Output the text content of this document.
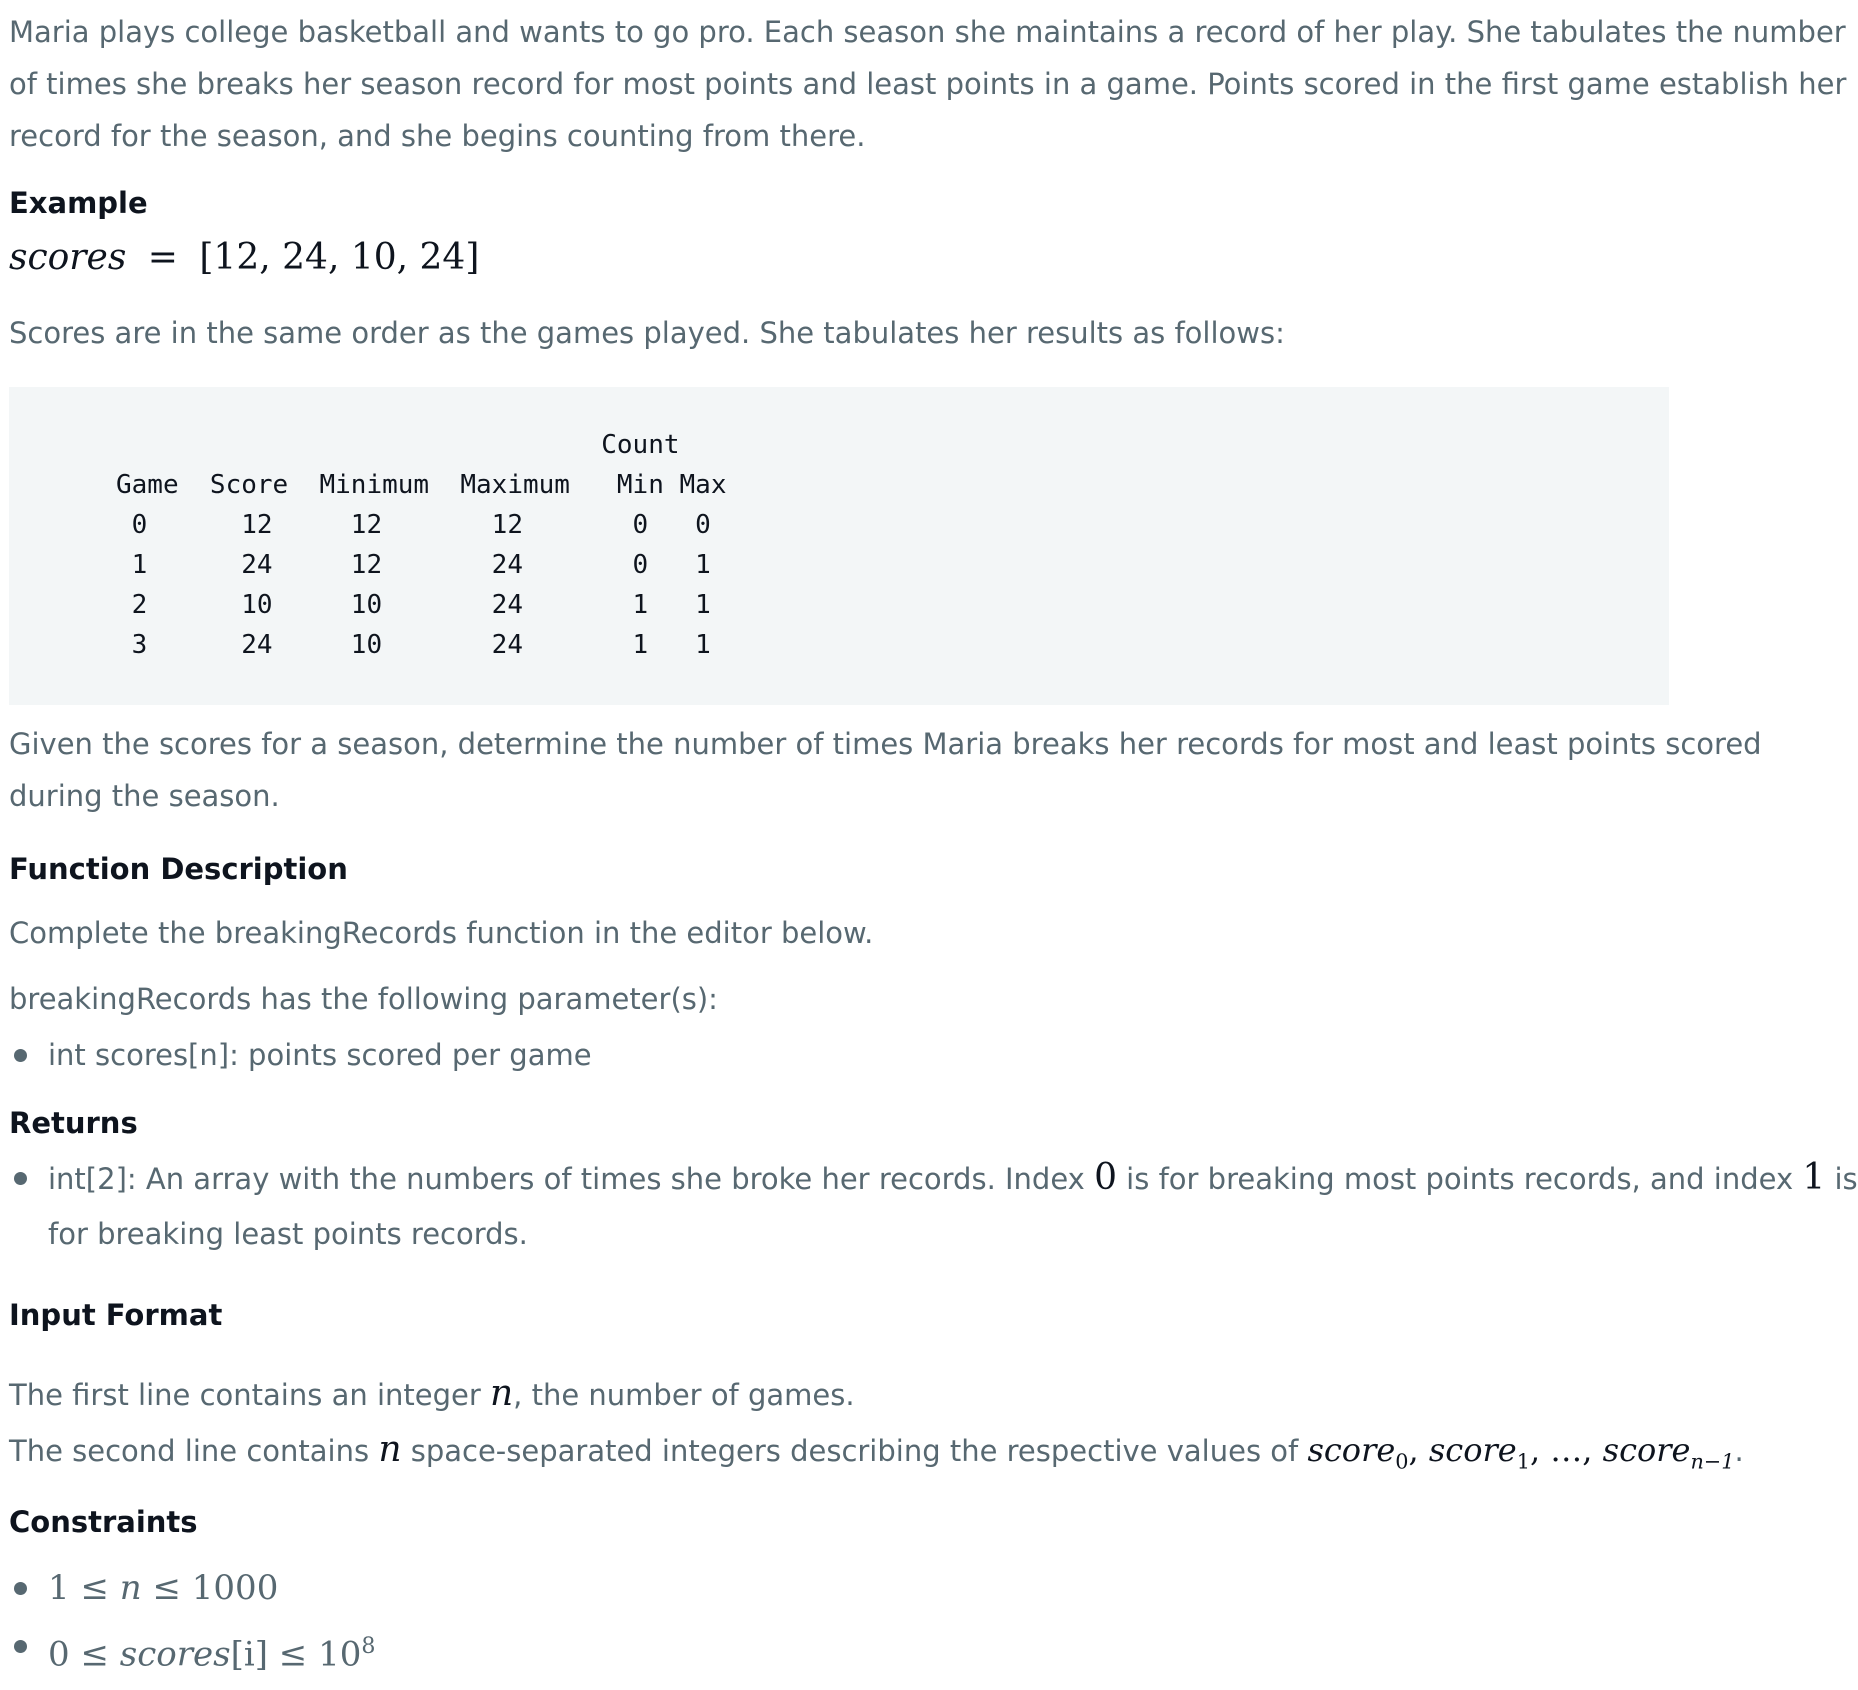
Maria plays college basketball and wants to go pro. Each season she maintains a record of her play. She tabulates the number

of times she breaks her season record for most points and least points in a game. Points scored in the first game establish her

record for the season, and she begins counting from there.

Example
scores = [12, 24, 10, 24]

Scores are in the same order as the games played. She tabulates her results as follows:

Count
Game  Score  Minimum  Maximum   Min Max
0      12     12       12       0   0
1      24     12       24       0   1
2      10     10       24       1   1
3      24     10       24       1   1

Given the scores for a season, determine the number of times Maria breaks her records for most and least points scored

during the season.

Function Description

Complete the breakingRecords function in the editor below.

breakingRecords has the following parameter(s):

int scores[n]: points scored per game

Returns

int[2]: An array with the numbers of times she broke her records. Index 0 is for breaking most points records, and index 1 is

for breaking least points records.

Input Format

The first line contains an integer n, the number of games.

The second line contains n space-separated integers describing the respective values of score$_0$, score$_1$, …, score$_{n-1}$.

Constraints

1 ≤ n ≤ 1000

0 ≤ scores[i] ≤ $10^8$
